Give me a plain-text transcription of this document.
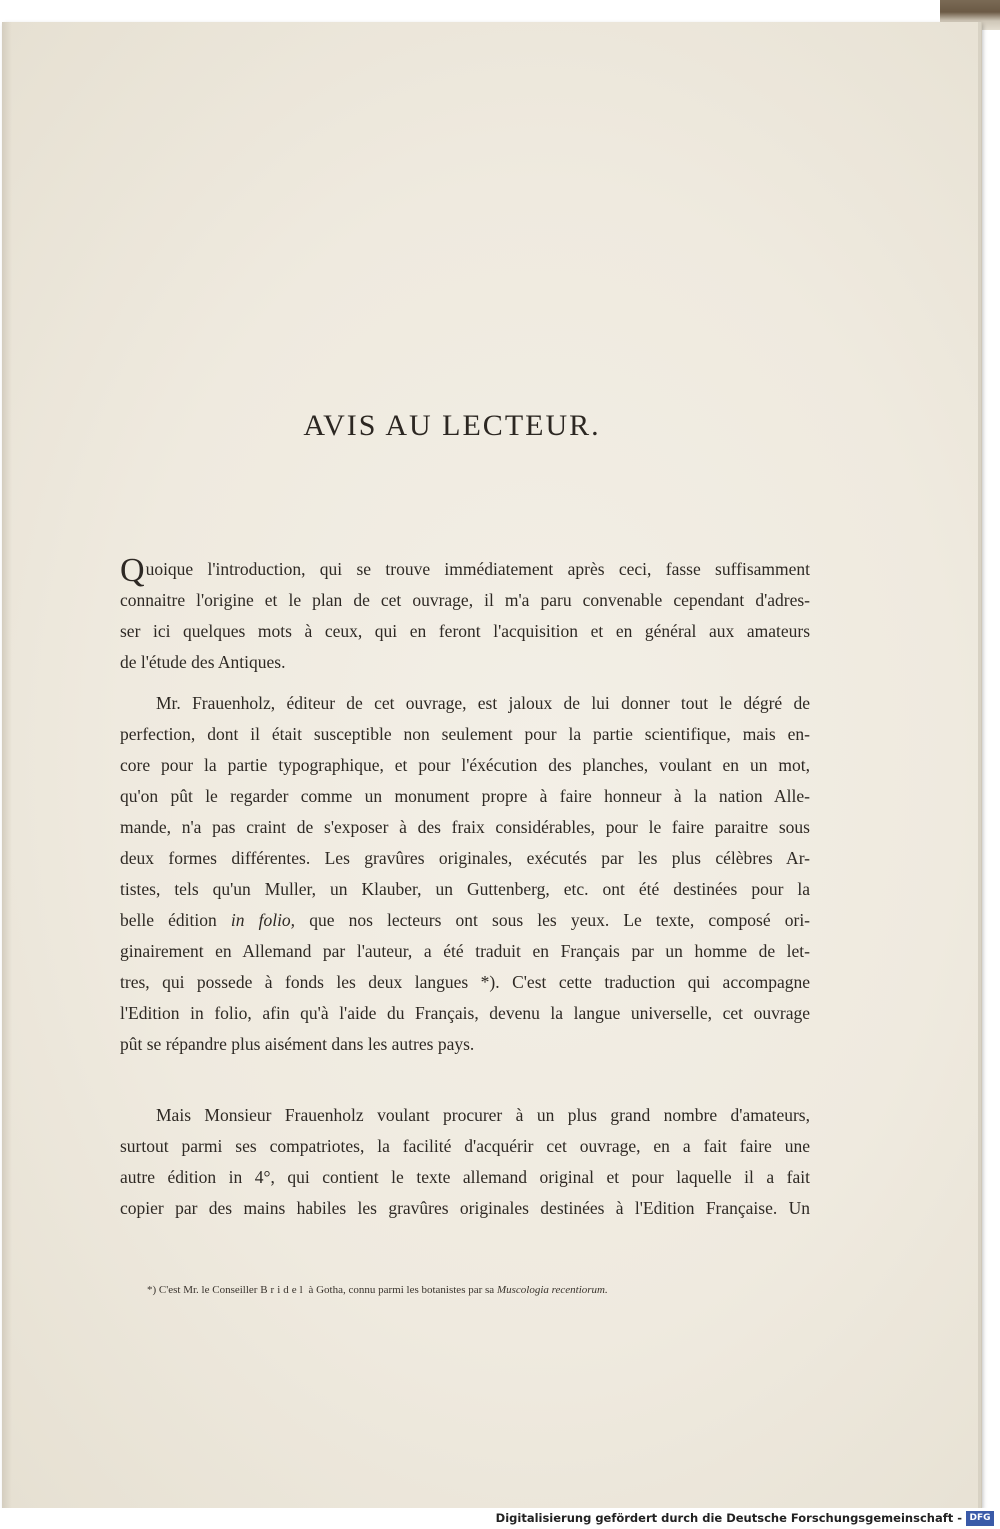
AVIS AU LECTEUR.
Quoique l'introduction, qui se trouve immédiatement après ceci, fasse suffisamment
connaitre l'origine et le plan de cet ouvrage, il m'a paru convenable cependant d'adres-
ser ici quelques mots à ceux, qui en feront l'acquisition et en général aux amateurs
de l'étude des Antiques.
Mr. Frauenholz, éditeur de cet ouvrage, est jaloux de lui donner tout le dégré de
perfection, dont il était susceptible non seulement pour la partie scientifique, mais en-
core pour la partie typographique, et pour l'éxécution des planches, voulant en un mot,
qu'on pût le regarder comme un monument propre à faire honneur à la nation Alle-
mande, n'a pas craint de s'exposer à des fraix considérables, pour le faire paraitre sous
deux formes différentes. Les gravûres originales, exécutés par les plus célèbres Ar-
tistes, tels qu'un Muller, un Klauber, un Guttenberg, etc. ont été destinées pour la
belle édition in folio, que nos lecteurs ont sous les yeux. Le texte, composé ori-
ginairement en Allemand par l'auteur, a été traduit en Français par un homme de let-
tres, qui possede à fonds les deux langues *). C'est cette traduction qui accompagne
l'Edition in folio, afin qu'à l'aide du Français, devenu la langue universelle, cet ouvrage
pût se répandre plus aisément dans les autres pays.
Mais Monsieur Frauenholz voulant procurer à un plus grand nombre d'amateurs,
surtout parmi ses compatriotes, la facilité d'acquérir cet ouvrage, en a fait faire une
autre édition in 4°, qui contient le texte allemand original et pour laquelle il a fait
copier par des mains habiles les gravûres originales destinées à l'Edition Française. Un
*) C'est Mr. le Conseiller Bridel à Gotha, connu parmi les botanistes par sa Muscologia recentiorum.
Digitalisierung gefördert durch die Deutsche Forschungsgemeinschaft - DFG
